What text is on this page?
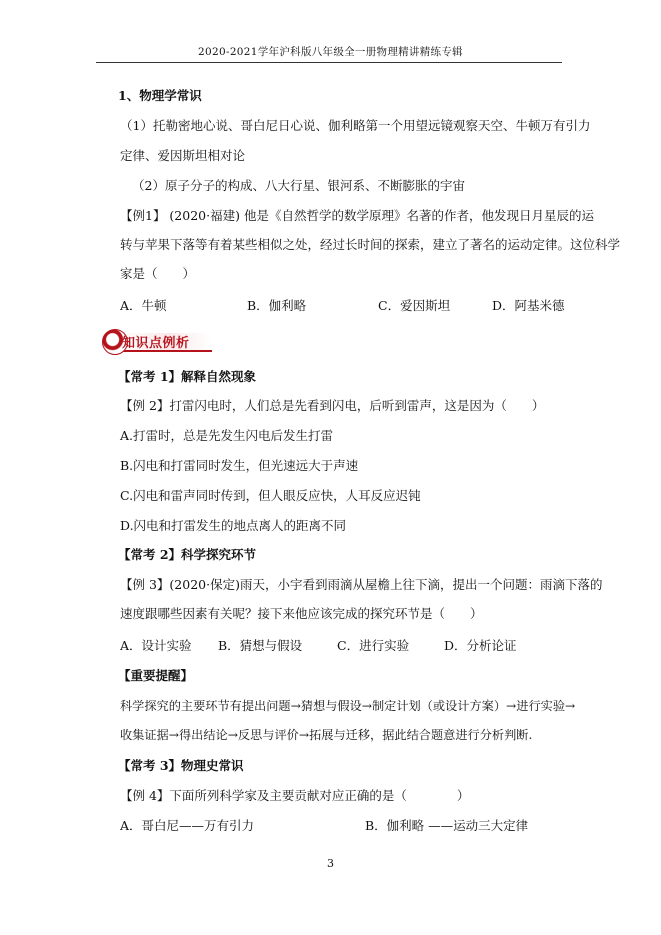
2020-2021学年沪科版八年级全一册物理精讲精练专辑
1、物理学常识
（1）托勒密地心说、哥白尼日心说、伽利略第一个用望远镜观察天空、牛顿万有引力
定律、爱因斯坦相对论
（2）原子分子的构成、八大行星、银河系、不断膨胀的宇宙
【例1】 (2020·福建) 他是《自然哲学的数学原理》名著的作者，他发现日月星辰的运
转与苹果下落等有着某些相似之处，经过长时间的探索，建立了著名的运动定律。这位科学
家是（　　）
A．牛顿	B．伽利略	C．爱因斯坦	D．阿基米德
知识点例析
【常考 1】解释自然现象
【例 2】打雷闪电时，人们总是先看到闪电，后听到雷声，这是因为（　　）
A.打雷时，总是先发生闪电后发生打雷
B.闪电和打雷同时发生，但光速远大于声速
C.闪电和雷声同时传到，但人眼反应快，人耳反应迟钝
D.闪电和打雷发生的地点离人的距离不同
【常考 2】科学探究环节
【例 3】(2020·保定)雨天，小宇看到雨滴从屋檐上往下滴，提出一个问题：雨滴下落的
速度跟哪些因素有关呢？接下来他应该完成的探究环节是（　　）
A．设计实验 B．猜想与假设	C．进行实验	D．分析论证
【重要提醒】
科学探究的主要环节有提出问题→猜想与假设→制定计划（或设计方案）→进行实验→
收集证据→得出结论→反思与评价→拓展与迁移，据此结合题意进行分析判断.
【常考 3】物理史常识
【例 4】下面所列科学家及主要贡献对应正确的是（　　　　）
A．哥白尼——万有引力	B．伽利略 ——运动三大定律
3
